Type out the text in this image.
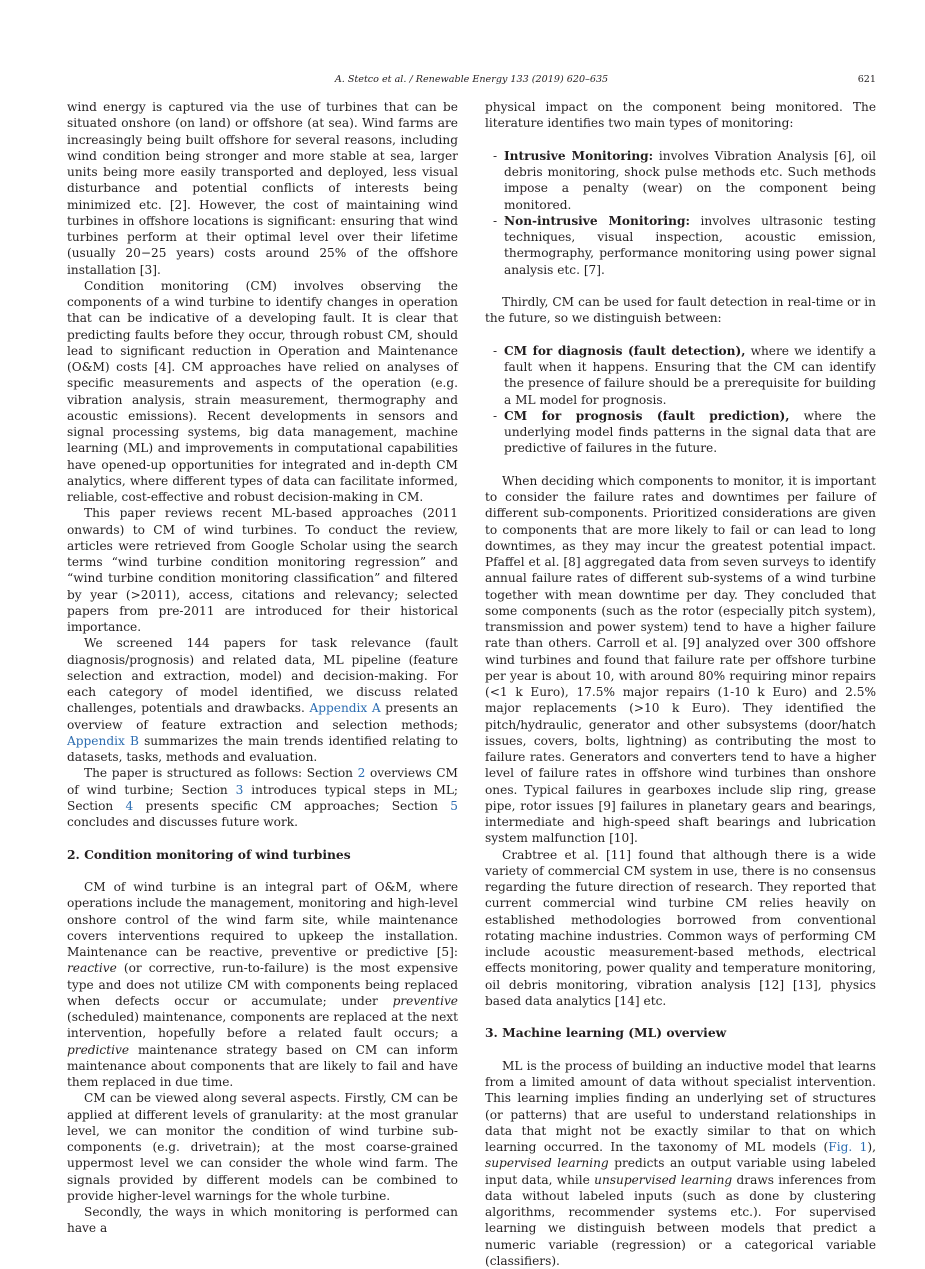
A. Stetco et al. / Renewable Energy 133 (2019) 620–635	621

wind energy is captured via the use of turbines that can be situated onshore (on land) or offshore (at sea). Wind farms are increasingly being built offshore for several reasons, including wind condition being stronger and more stable at sea, larger units being more easily transported and deployed, less visual disturbance and potential conflicts of interests being minimized etc. [2]. However, the cost of maintaining wind turbines in offshore locations is significant: ensuring that wind turbines perform at their optimal level over their lifetime (usually 20−25 years) costs around 25% of the offshore installation [3].

Condition monitoring (CM) involves observing the components of a wind turbine to identify changes in operation that can be indicative of a developing fault. It is clear that predicting faults before they occur, through robust CM, should lead to significant reduction in Operation and Maintenance (O&M) costs [4]. CM approaches have relied on analyses of specific measurements and aspects of the operation (e.g. vibration analysis, strain measurement, thermography and acoustic emissions). Recent developments in sensors and signal processing systems, big data management, machine learning (ML) and improvements in computational capabilities have opened-up opportunities for integrated and in-depth CM analytics, where different types of data can facilitate informed, reliable, cost-effective and robust decision-making in CM.

This paper reviews recent ML-based approaches (2011 onwards) to CM of wind turbines. To conduct the review, articles were retrieved from Google Scholar using the search terms “wind turbine condition monitoring regression” and “wind turbine condition monitoring classification” and filtered by year (>2011), access, citations and relevancy; selected papers from pre-2011 are introduced for their historical importance.

We screened 144 papers for task relevance (fault diagnosis/prognosis) and related data, ML pipeline (feature selection and extraction, model) and decision-making. For each category of model identified, we discuss related challenges, potentials and drawbacks. Appendix A presents an overview of feature extraction and selection methods; Appendix B summarizes the main trends identified relating to datasets, tasks, methods and evaluation.

The paper is structured as follows: Section 2 overviews CM of wind turbine; Section 3 introduces typical steps in ML; Section 4 presents specific CM approaches; Section 5 concludes and discusses future work.

2. Condition monitoring of wind turbines

CM of wind turbine is an integral part of O&M, where operations include the management, monitoring and high-level onshore control of the wind farm site, while maintenance covers interventions required to upkeep the installation. Maintenance can be reactive, preventive or predictive [5]: reactive (or corrective, run-to-failure) is the most expensive type and does not utilize CM with components being replaced when defects occur or accumulate; under preventive (scheduled) maintenance, components are replaced at the next intervention, hopefully before a related fault occurs; a predictive maintenance strategy based on CM can inform maintenance about components that are likely to fail and have them replaced in due time.

CM can be viewed along several aspects. Firstly, CM can be applied at different levels of granularity: at the most granular level, we can monitor the condition of wind turbine sub-components (e.g. drivetrain); at the most coarse-grained uppermost level we can consider the whole wind farm. The signals provided by different models can be combined to provide higher-level warnings for the whole turbine.

Secondly, the ways in which monitoring is performed can have a

physical impact on the component being monitored. The literature identifies two main types of monitoring:

- Intrusive Monitoring: involves Vibration Analysis [6], oil debris monitoring, shock pulse methods etc. Such methods impose a penalty (wear) on the component being monitored.
- Non-intrusive Monitoring: involves ultrasonic testing techniques, visual inspection, acoustic emission, thermography, performance monitoring using power signal analysis etc. [7].

Thirdly, CM can be used for fault detection in real-time or in the future, so we distinguish between:

- CM for diagnosis (fault detection), where we identify a fault when it happens. Ensuring that the CM can identify the presence of failure should be a prerequisite for building a ML model for prognosis.
- CM for prognosis (fault prediction), where the underlying model finds patterns in the signal data that are predictive of failures in the future.

When deciding which components to monitor, it is important to consider the failure rates and downtimes per failure of different sub-components. Prioritized considerations are given to components that are more likely to fail or can lead to long downtimes, as they may incur the greatest potential impact. Pfaffel et al. [8] aggregated data from seven surveys to identify annual failure rates of different sub-systems of a wind turbine together with mean downtime per day. They concluded that some components (such as the rotor (especially pitch system), transmission and power system) tend to have a higher failure rate than others. Carroll et al. [9] analyzed over 300 offshore wind turbines and found that failure rate per offshore turbine per year is about 10, with around 80% requiring minor repairs (<1 k Euro), 17.5% major repairs (1-10 k Euro) and 2.5% major replacements (>10 k Euro). They identified the pitch/hydraulic, generator and other subsystems (door/hatch issues, covers, bolts, lightning) as contributing the most to failure rates. Generators and converters tend to have a higher level of failure rates in offshore wind turbines than onshore ones. Typical failures in gearboxes include slip ring, grease pipe, rotor issues [9] failures in planetary gears and bearings, intermediate and high-speed shaft bearings and lubrication system malfunction [10].

Crabtree et al. [11] found that although there is a wide variety of commercial CM system in use, there is no consensus regarding the future direction of research. They reported that current commercial wind turbine CM relies heavily on established methodologies borrowed from conventional rotating machine industries. Common ways of performing CM include acoustic measurement-based methods, electrical effects monitoring, power quality and temperature monitoring, oil debris monitoring, vibration analysis [12] [13], physics based data analytics [14] etc.

3. Machine learning (ML) overview

ML is the process of building an inductive model that learns from a limited amount of data without specialist intervention. This learning implies finding an underlying set of structures (or patterns) that are useful to understand relationships in data that might not be exactly similar to that on which learning occurred. In the taxonomy of ML models (Fig. 1), supervised learning predicts an output variable using labeled input data, while unsupervised learning draws inferences from data without labeled inputs (such as done by clustering algorithms, recommender systems etc.). For supervised learning we distinguish between models that predict a numeric variable (regression) or a categorical variable (classifiers).
